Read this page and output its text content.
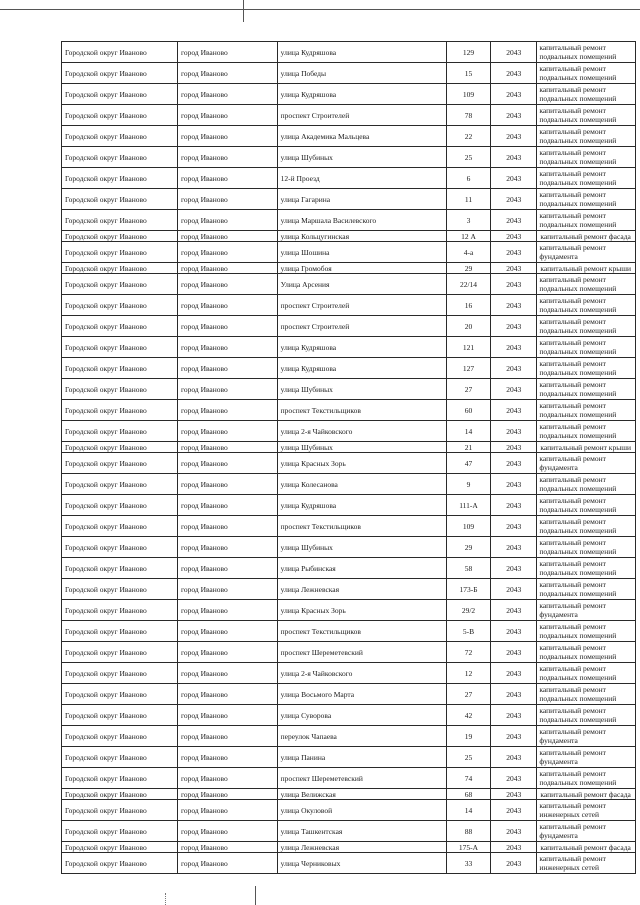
Городской округ Иваново	город Иваново	улица Кудряшова	129	2043	капитальный ремонт подвальных помещений
Городской округ Иваново	город Иваново	улица Победы	15	2043	капитальный ремонт подвальных помещений
Городской округ Иваново	город Иваново	улица Кудряшова	109	2043	капитальный ремонт подвальных помещений
Городской округ Иваново	город Иваново	проспект Строителей	78	2043	капитальный ремонт подвальных помещений
Городской округ Иваново	город Иваново	улица Академика Мальцева	22	2043	капитальный ремонт подвальных помещений
Городской округ Иваново	город Иваново	улица Шубиных	25	2043	капитальный ремонт подвальных помещений
Городской округ Иваново	город Иваново	12-й Проезд	6	2043	капитальный ремонт подвальных помещений
Городской округ Иваново	город Иваново	улица Гагарина	11	2043	капитальный ремонт подвальных помещений
Городской округ Иваново	город Иваново	улица Маршала Василевского	3	2043	капитальный ремонт подвальных помещений
Городской округ Иваново	город Иваново	улица Кольцугинская	12 А	2043	капитальный ремонт фасада
Городской округ Иваново	город Иваново	улица Шошина	4-а	2043	капитальный ремонт фундамента
Городской округ Иваново	город Иваново	улица Громобоя	29	2043	капитальный ремонт крыши
Городской округ Иваново	город Иваново	Улица Арсения	22/14	2043	капитальный ремонт подвальных помещений
Городской округ Иваново	город Иваново	проспект Строителей	16	2043	капитальный ремонт подвальных помещений
Городской округ Иваново	город Иваново	проспект Строителей	20	2043	капитальный ремонт подвальных помещений
Городской округ Иваново	город Иваново	улица Кудряшова	121	2043	капитальный ремонт подвальных помещений
Городской округ Иваново	город Иваново	улица Кудряшова	127	2043	капитальный ремонт подвальных помещений
Городской округ Иваново	город Иваново	улица Шубиных	27	2043	капитальный ремонт подвальных помещений
Городской округ Иваново	город Иваново	проспект Текстильщиков	60	2043	капитальный ремонт подвальных помещений
Городской округ Иваново	город Иваново	улица 2-я Чайковского	14	2043	капитальный ремонт подвальных помещений
Городской округ Иваново	город Иваново	улица Шубиных	21	2043	капитальный ремонт крыши
Городской округ Иваново	город Иваново	улица Красных Зорь	47	2043	капитальный ремонт фундамента
Городской округ Иваново	город Иваново	улица Колесанова	9	2043	капитальный ремонт подвальных помещений
Городской округ Иваново	город Иваново	улица Кудряшова	111-А	2043	капитальный ремонт подвальных помещений
Городской округ Иваново	город Иваново	проспект Текстильщиков	109	2043	капитальный ремонт подвальных помещений
Городской округ Иваново	город Иваново	улица Шубиных	29	2043	капитальный ремонт подвальных помещений
Городской округ Иваново	город Иваново	улица Рыбинская	58	2043	капитальный ремонт подвальных помещений
Городской округ Иваново	город Иваново	улица Лежневская	173-Б	2043	капитальный ремонт подвальных помещений
Городской округ Иваново	город Иваново	улица Красных Зорь	29/2	2043	капитальный ремонт фундамента
Городской округ Иваново	город Иваново	проспект Текстильщиков	5-В	2043	капитальный ремонт подвальных помещений
Городской округ Иваново	город Иваново	проспект Шереметевский	72	2043	капитальный ремонт подвальных помещений
Городской округ Иваново	город Иваново	улица 2-я Чайковского	12	2043	капитальный ремонт подвальных помещений
Городской округ Иваново	город Иваново	улица Восьмого Марта	27	2043	капитальный ремонт подвальных помещений
Городской округ Иваново	город Иваново	улица Суворова	42	2043	капитальный ремонт подвальных помещений
Городской округ Иваново	город Иваново	переулок Чапаева	19	2043	капитальный ремонт фундамента
Городской округ Иваново	город Иваново	улица Панина	25	2043	капитальный ремонт фундамента
Городской округ Иваново	город Иваново	проспект Шереметевский	74	2043	капитальный ремонт подвальных помещений
Городской округ Иваново	город Иваново	улица Велижская	68	2043	капитальный ремонт фасада
Городской округ Иваново	город Иваново	улица Окуловой	14	2043	капитальный ремонт инженерных сетей
Городской округ Иваново	город Иваново	улица Ташкентская	88	2043	капитальный ремонт фундамента
Городской округ Иваново	город Иваново	улица Лежневская	175-А	2043	капитальный ремонт фасада
Городской округ Иваново	город Иваново	улица Черниковых	33	2043	капитальный ремонт инженерных сетей
